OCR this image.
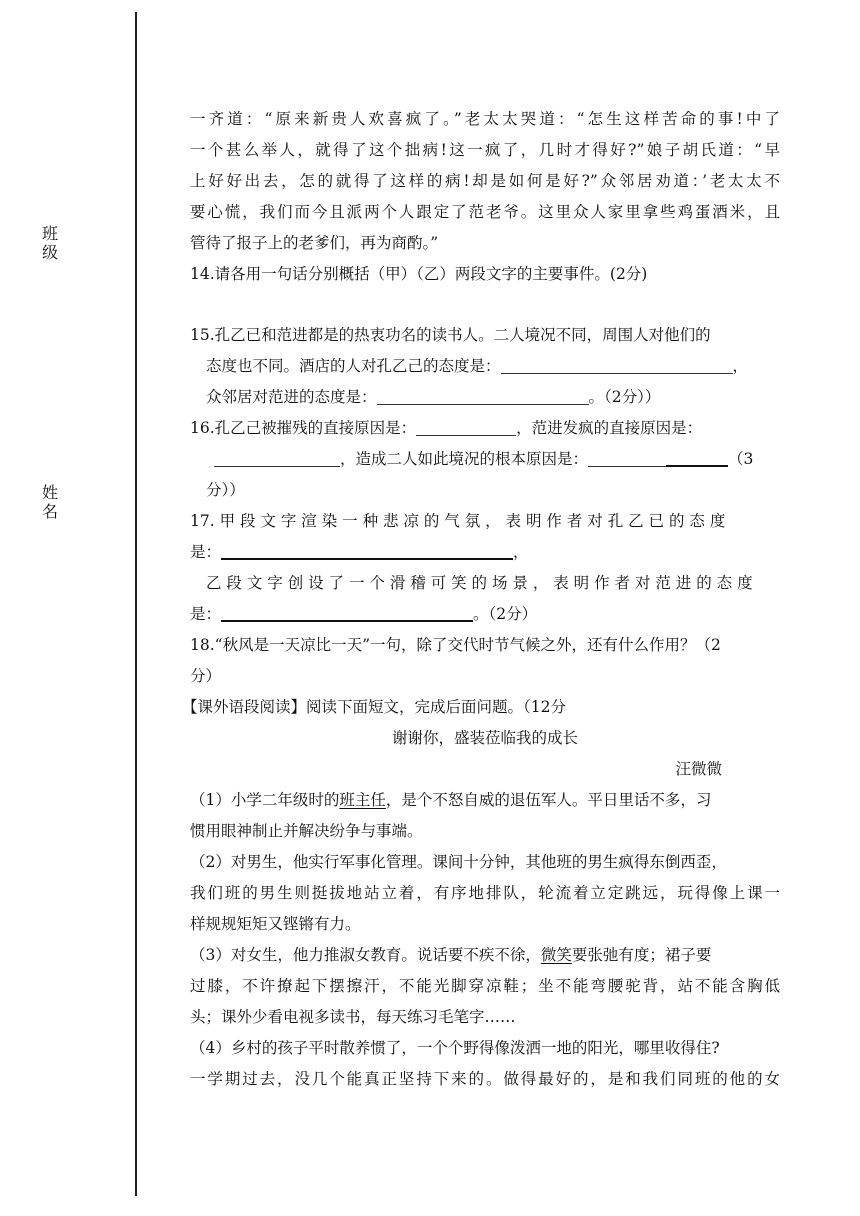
班级
姓名
一齐道：“原来新贵人欢喜疯了。”老太太哭道：“怎生这样苦命的事!中了
一个甚么举人，就得了这个拙病!这一疯了，几时才得好?”娘子胡氏道：“早
上好好出去，怎的就得了这样的病!却是如何是好?”众邻居劝道：’老太太不
要心慌，我们而今且派两个人跟定了范老爷。这里众人家里拿些鸡蛋酒米，且
管待了报子上的老爹们，再为商酌。”
14.请各用一句话分别概括（甲）（乙）两段文字的主要事件。(2分)
15.孔乙已和范进都是的热衷功名的读书人。二人境况不同，周围人对他们的
态度也不同。酒店的人对孔乙己的态度是：	，
众邻居对范进的态度是：	。（2分））
16.孔乙己被摧残的直接原因是：	，范进发疯的直接原因是：
，造成二人如此境况的根本原因是：	（3
分））
17. 甲 段 文 字 渲 染 一 种 悲 凉 的 气 氛 ， 表 明 作 者 对 孔 乙 已 的 态 度
是：	，
乙 段 文 字 创 设 了 一 个 滑 稽 可 笑 的 场 景 ， 表 明 作 者 对 范 进 的 态 度
是：	。（2分）
18.“秋风是一天凉比一天”一句，除了交代时节气候之外，还有什么作用？（2
分）
【课外语段阅读】阅读下面短文，完成后面问题。（12分
谢谢你，盛装莅临我的成长
汪微微
（1）小学二年级时的班主任，是个不怒自威的退伍军人。平日里话不多，习
惯用眼神制止并解决纷争与事端。
（2）对男生，他实行军事化管理。课间十分钟，其他班的男生疯得东倒西歪，
我们班的男生则挺拔地站立着，有序地排队，轮流着立定跳远，玩得像上课一
样规规矩矩又铿锵有力。
（3）对女生，他力推淑女教育。说话要不疾不徐，微笑要张弛有度；裙子要
过膝，不许撩起下摆擦汗，不能光脚穿凉鞋；坐不能弯腰驼背，站不能含胸低
头；课外少看电视多读书，每天练习毛笔字……
（4）乡村的孩子平时散养惯了，一个个野得像泼洒一地的阳光，哪里收得住?
一学期过去，没几个能真正坚持下来的。做得最好的，是和我们同班的他的女
